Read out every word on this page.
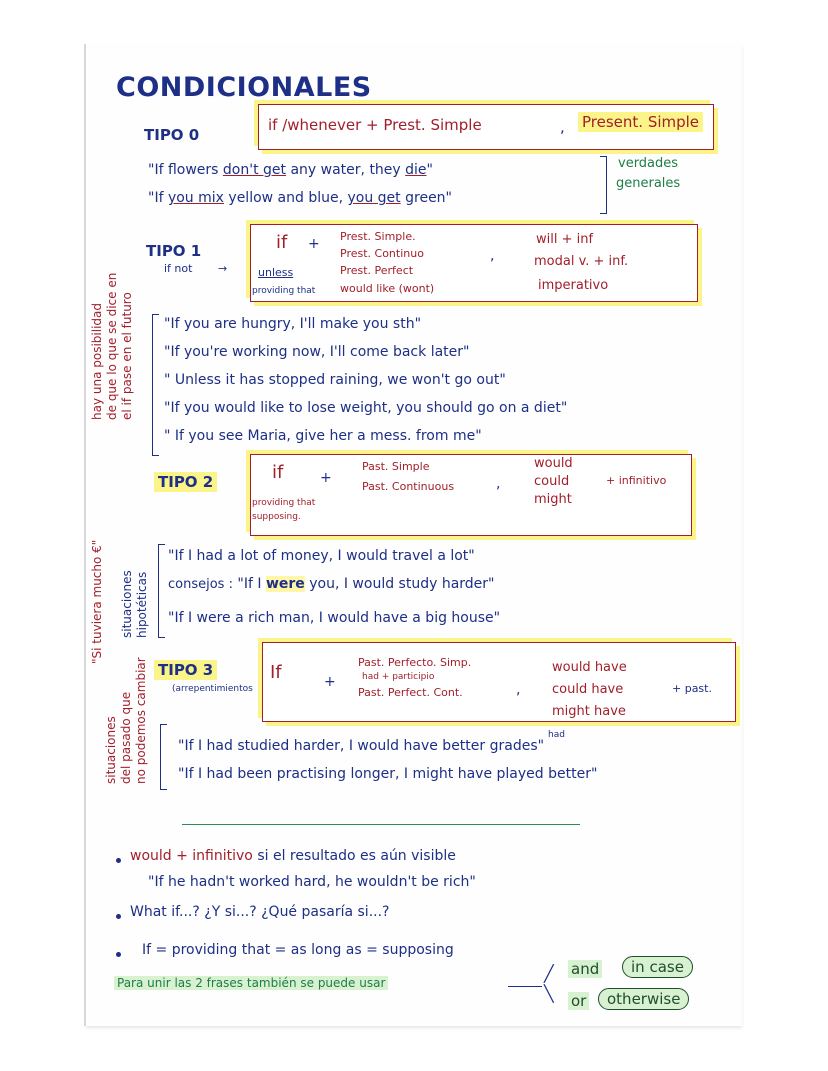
CONDICIONALES
TIPO 0
if /whenever + Prest. Simple	, Present. Simple
"If flowers don't get any water, they die"
"If you mix yellow and blue, you get green"
verdades
generales
TIPO 1
if not →
if +
unless
providing that
Prest. Simple.
Prest. Continuo
Prest. Perfect
would like (wont)
,
will + inf
modal v. + inf.
imperativo
hay una posibilidad de que lo que se dice en el if pase en el futuro "If you are hungry, I'll make you sth"
"If you're working now, I'll come back later"
" Unless it has stopped raining, we won't go out"
"If you would like to lose weight, you should go on a diet"
" If you see Maria, give her a mess. from me"
TIPO 2	if	+
providing that
supposing.
Past. Simple
Past. Continuous	,
would
could
might
+ infinitivo
"Si tuviera mucho €" situaciones hipotéticas
"If I had a lot of money, I would travel a lot"
consejos : "If I were you, I would study harder"
"If I were a rich man, I would have a big house"
TIPO 3
(arrepentimientos
If	+
Past. Perfecto. Simp.
had + participio
Past. Perfect. Cont.	,
would have
could have
might have
+ past.
situaciones del pasado que no podemos cambiar	had
"If I had studied harder, I would have better grades"
"If I had been practising longer, I might have played better"
would + infinitivo si el resultado es aún visible
"If he hadn't worked hard, he wouldn't be rich"
What if...? ¿Y si...? ¿Qué pasaría si...?
If = providing that = as long as = supposing
Para unir las 2 frases también se puede usar	╱
╲
and	in case
or	otherwise
